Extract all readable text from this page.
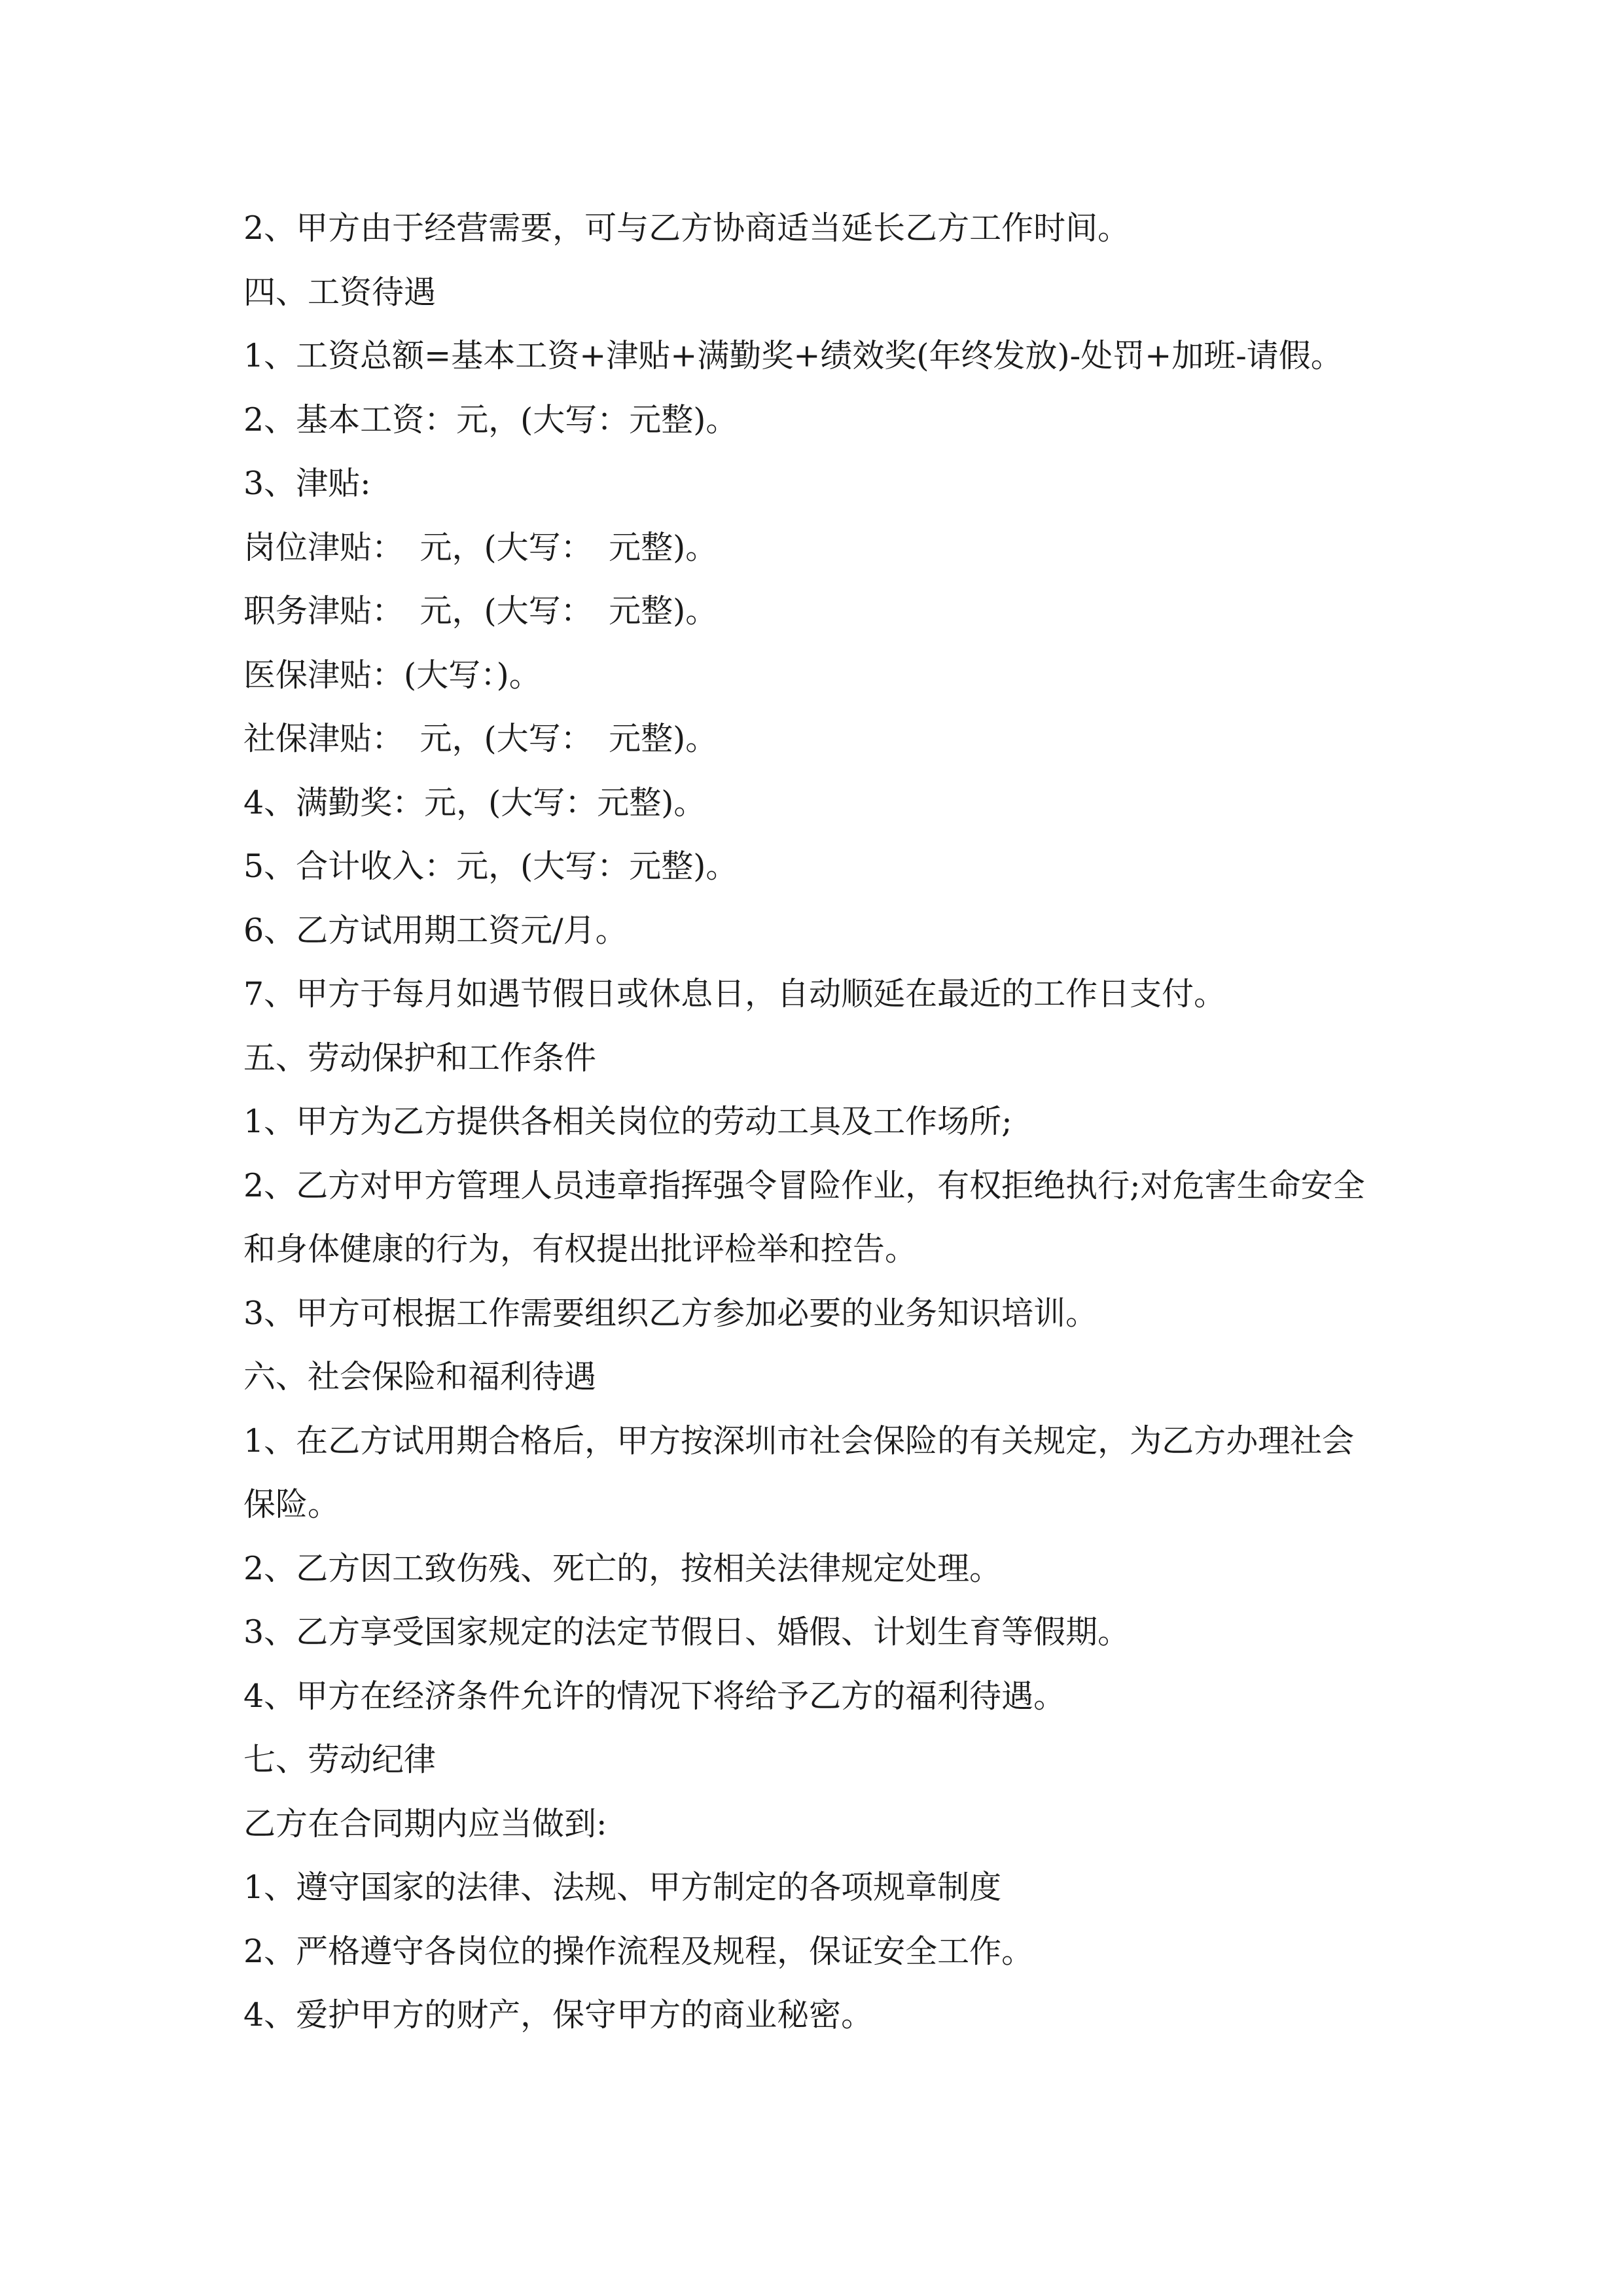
2、甲方由于经营需要，可与乙方协商适当延长乙方工作时间。
四、工资待遇
1、工资总额=基本工资+津贴+满勤奖+绩效奖(年终发放)-处罚+加班-请假。
2、基本工资：元，(大写：元整)。
3、津贴:
岗位津贴：　元，(大写：　元整)。
职务津贴：　元，(大写：　元整)。
医保津贴：(大写：)。
社保津贴：　元，(大写：　元整)。
4、满勤奖：元，(大写：元整)。
5、合计收入：元，(大写：元整)。
6、乙方试用期工资元/月。
7、甲方于每月如遇节假日或休息日，自动顺延在最近的工作日支付。
五、劳动保护和工作条件
1、甲方为乙方提供各相关岗位的劳动工具及工作场所;
2、乙方对甲方管理人员违章指挥强令冒险作业，有权拒绝执行;对危害生命安全
和身体健康的行为，有权提出批评检举和控告。
3、甲方可根据工作需要组织乙方参加必要的业务知识培训。
六、社会保险和福利待遇
1、在乙方试用期合格后，甲方按深圳市社会保险的有关规定，为乙方办理社会
保险。
2、乙方因工致伤残、死亡的，按相关法律规定处理。
3、乙方享受国家规定的法定节假日、婚假、计划生育等假期。
4、甲方在经济条件允许的情况下将给予乙方的福利待遇。
七、劳动纪律
乙方在合同期内应当做到:
1、遵守国家的法律、法规、甲方制定的各项规章制度
2、严格遵守各岗位的操作流程及规程，保证安全工作。
4、爱护甲方的财产，保守甲方的商业秘密。
